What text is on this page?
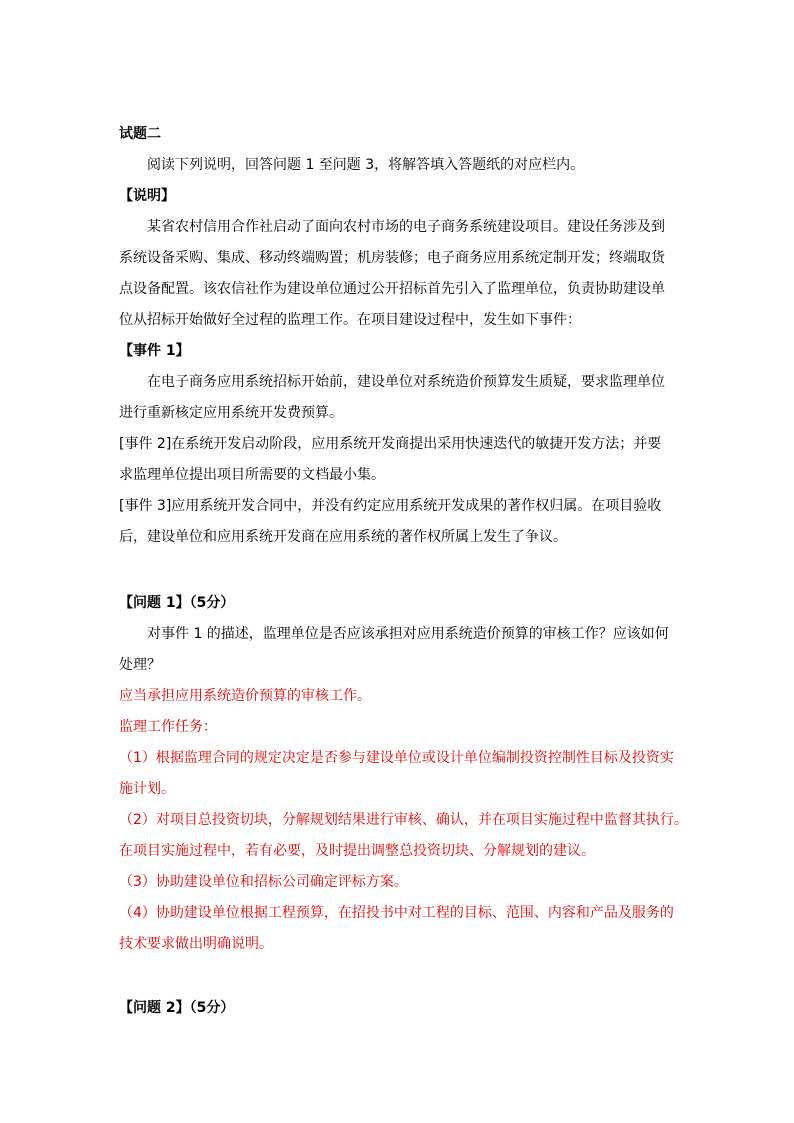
试题二
阅读下列说明，回答问题 1 至问题 3，将解答填入答题纸的对应栏内。
【说明】
某省农村信用合作社启动了面向农村市场的电子商务系统建设项目。建设任务涉及到
系统设备采购、集成、移动终端购置；机房装修；电子商务应用系统定制开发；终端取货
点设备配置。该农信社作为建设单位通过公开招标首先引入了监理单位，负责协助建设单
位从招标开始做好全过程的监理工作。在项目建设过程中，发生如下事件：
【事件 1】
在电子商务应用系统招标开始前，建设单位对系统造价预算发生质疑，要求监理单位
进行重新核定应用系统开发费预算。
[事件 2]在系统开发启动阶段，应用系统开发商提出采用快速迭代的敏捷开发方法；并要
求监理单位提出项目所需要的文档最小集。
[事件 3]应用系统开发合同中，并没有约定应用系统开发成果的著作权归属。在项目验收
后，建设单位和应用系统开发商在应用系统的著作权所属上发生了争议。
【问题 1】（5分）
对事件 1 的描述，监理单位是否应该承担对应用系统造价预算的审核工作？应该如何
处理？
应当承担应用系统造价预算的审核工作。
监理工作任务：
（1）根据监理合同的规定决定是否参与建设单位或设计单位编制投资控制性目标及投资实
施计划。
（2）对项目总投资切块，分解规划结果进行审核、确认，并在项目实施过程中监督其执行。
在项目实施过程中，若有必要，及时提出调整总投资切块、分解规划的建议。
（3）协助建设单位和招标公司确定评标方案。
（4）协助建设单位根据工程预算，在招投书中对工程的目标、范围、内容和产品及服务的
技术要求做出明确说明。
【问题 2】（5分）
